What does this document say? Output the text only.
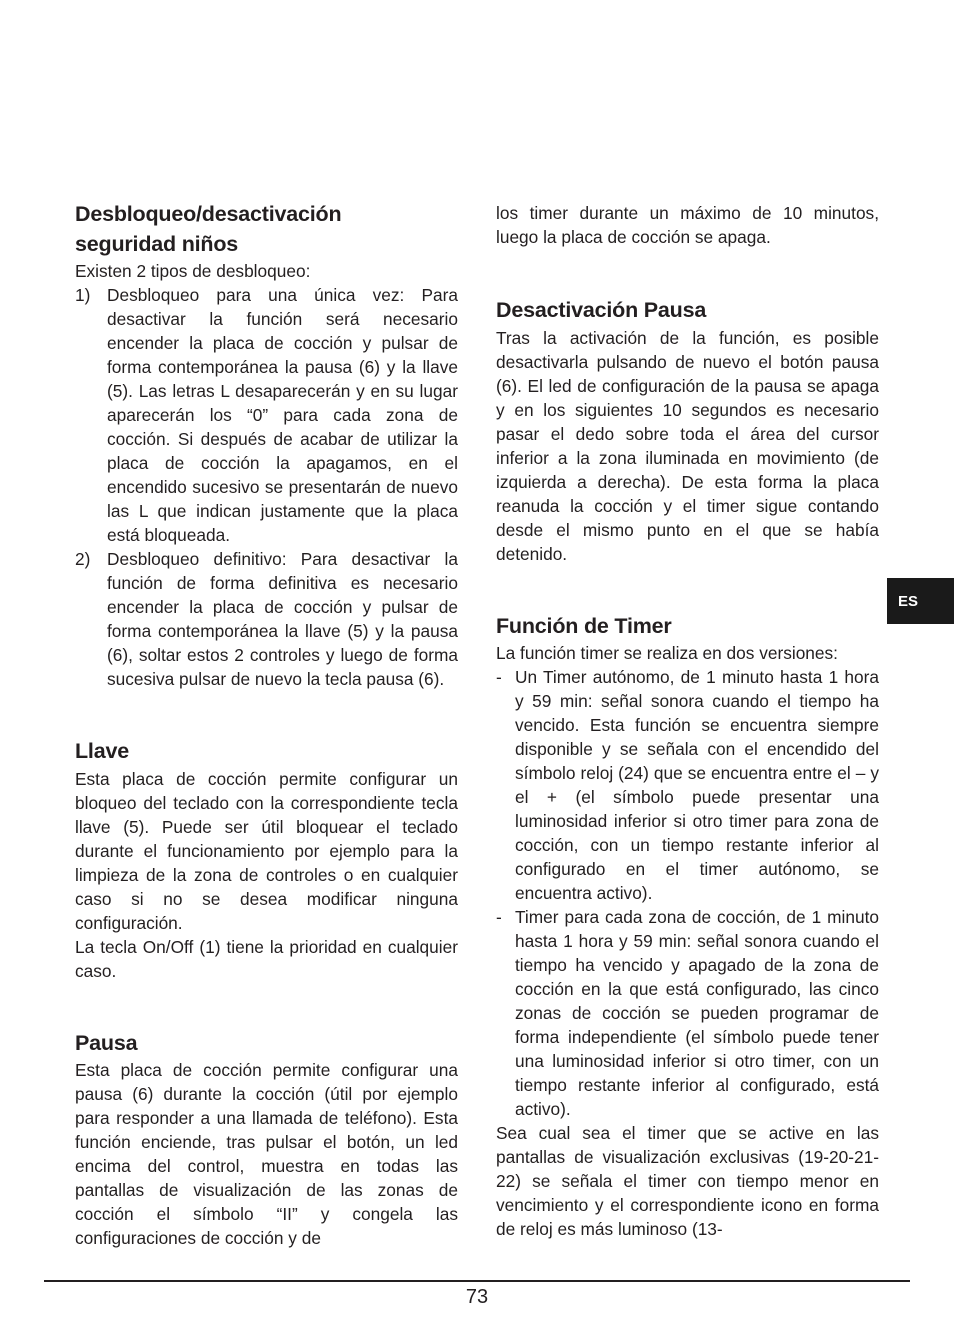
Desbloqueo/desactivación
seguridad niños

Existen 2 tipos de desbloqueo:

1) Desbloqueo para una única vez: Para desactivar la función será necesario encender la placa de cocción y pulsar de forma contemporánea la pausa (6) y la llave (5). Las letras L desaparecerán y en su lugar aparecerán los “0” para cada zona de cocción. Si después de acabar de utilizar la placa de cocción la apagamos, en el encendido sucesivo se presentarán de nuevo las L que indican justamente que la placa está bloqueada.

2) Desbloqueo definitivo: Para desactivar la función de forma definitiva es necesario encender la placa de cocción y pulsar de forma contemporánea la llave (5) y la pausa (6), soltar estos 2 controles y luego de forma sucesiva pulsar de nuevo la tecla pausa (6).

Llave

Esta placa de cocción permite configurar un bloqueo del teclado con la correspondiente tecla llave (5). Puede ser útil bloquear el teclado durante el funcionamiento por ejemplo para la limpieza de la zona de controles o en cualquier caso si no se desea modificar ninguna configuración.

La tecla On/Off (1) tiene la prioridad en cualquier caso.

Pausa

Esta placa de cocción permite configurar una pausa (6) durante la cocción (útil por ejemplo para responder a una llamada de teléfono). Esta función enciende, tras pulsar el botón, un led encima del control, muestra en todas las pantallas de visualización de las zonas de cocción el símbolo “II” y congela las configuraciones de cocción y de

los timer durante un máximo de 10 minutos, luego la placa de cocción se apaga.

Desactivación Pausa

Tras la activación de la función, es posible desactivarla pulsando de nuevo el botón pausa (6). El led de configuración de la pausa se apaga y en los siguientes 10 segundos es necesario pasar el dedo sobre toda el área del cursor inferior a la zona iluminada en movimiento (de izquierda a derecha). De esta forma la placa reanuda la cocción y el timer sigue contando desde el mismo punto en el que se había detenido.

Función de Timer

La función timer se realiza en dos versiones:

- Un Timer autónomo, de 1 minuto hasta 1 hora y 59 min: señal sonora cuando el tiempo ha vencido. Esta función se encuentra siempre disponible y se señala con el encendido del símbolo reloj (24) que se encuentra entre el – y el + (el símbolo puede presentar una luminosidad inferior si otro timer para zona de cocción, con un tiempo restante inferior al configurado en el timer autónomo, se encuentra activo).

- Timer para cada zona de cocción, de 1 minuto hasta 1 hora y 59 min: señal sonora cuando el tiempo ha vencido y apagado de la zona de cocción en la que está configurado, las cinco zonas de cocción se pueden programar de forma independiente (el símbolo puede tener una luminosidad inferior si otro timer, con un tiempo restante inferior al configurado, está activo).

Sea cual sea el timer que se active en las pantallas de visualización exclusivas (19-20-21-22) se señala el timer con tiempo menor en vencimiento y el correspondiente icono en forma de reloj es más luminoso (13-

ES
73
